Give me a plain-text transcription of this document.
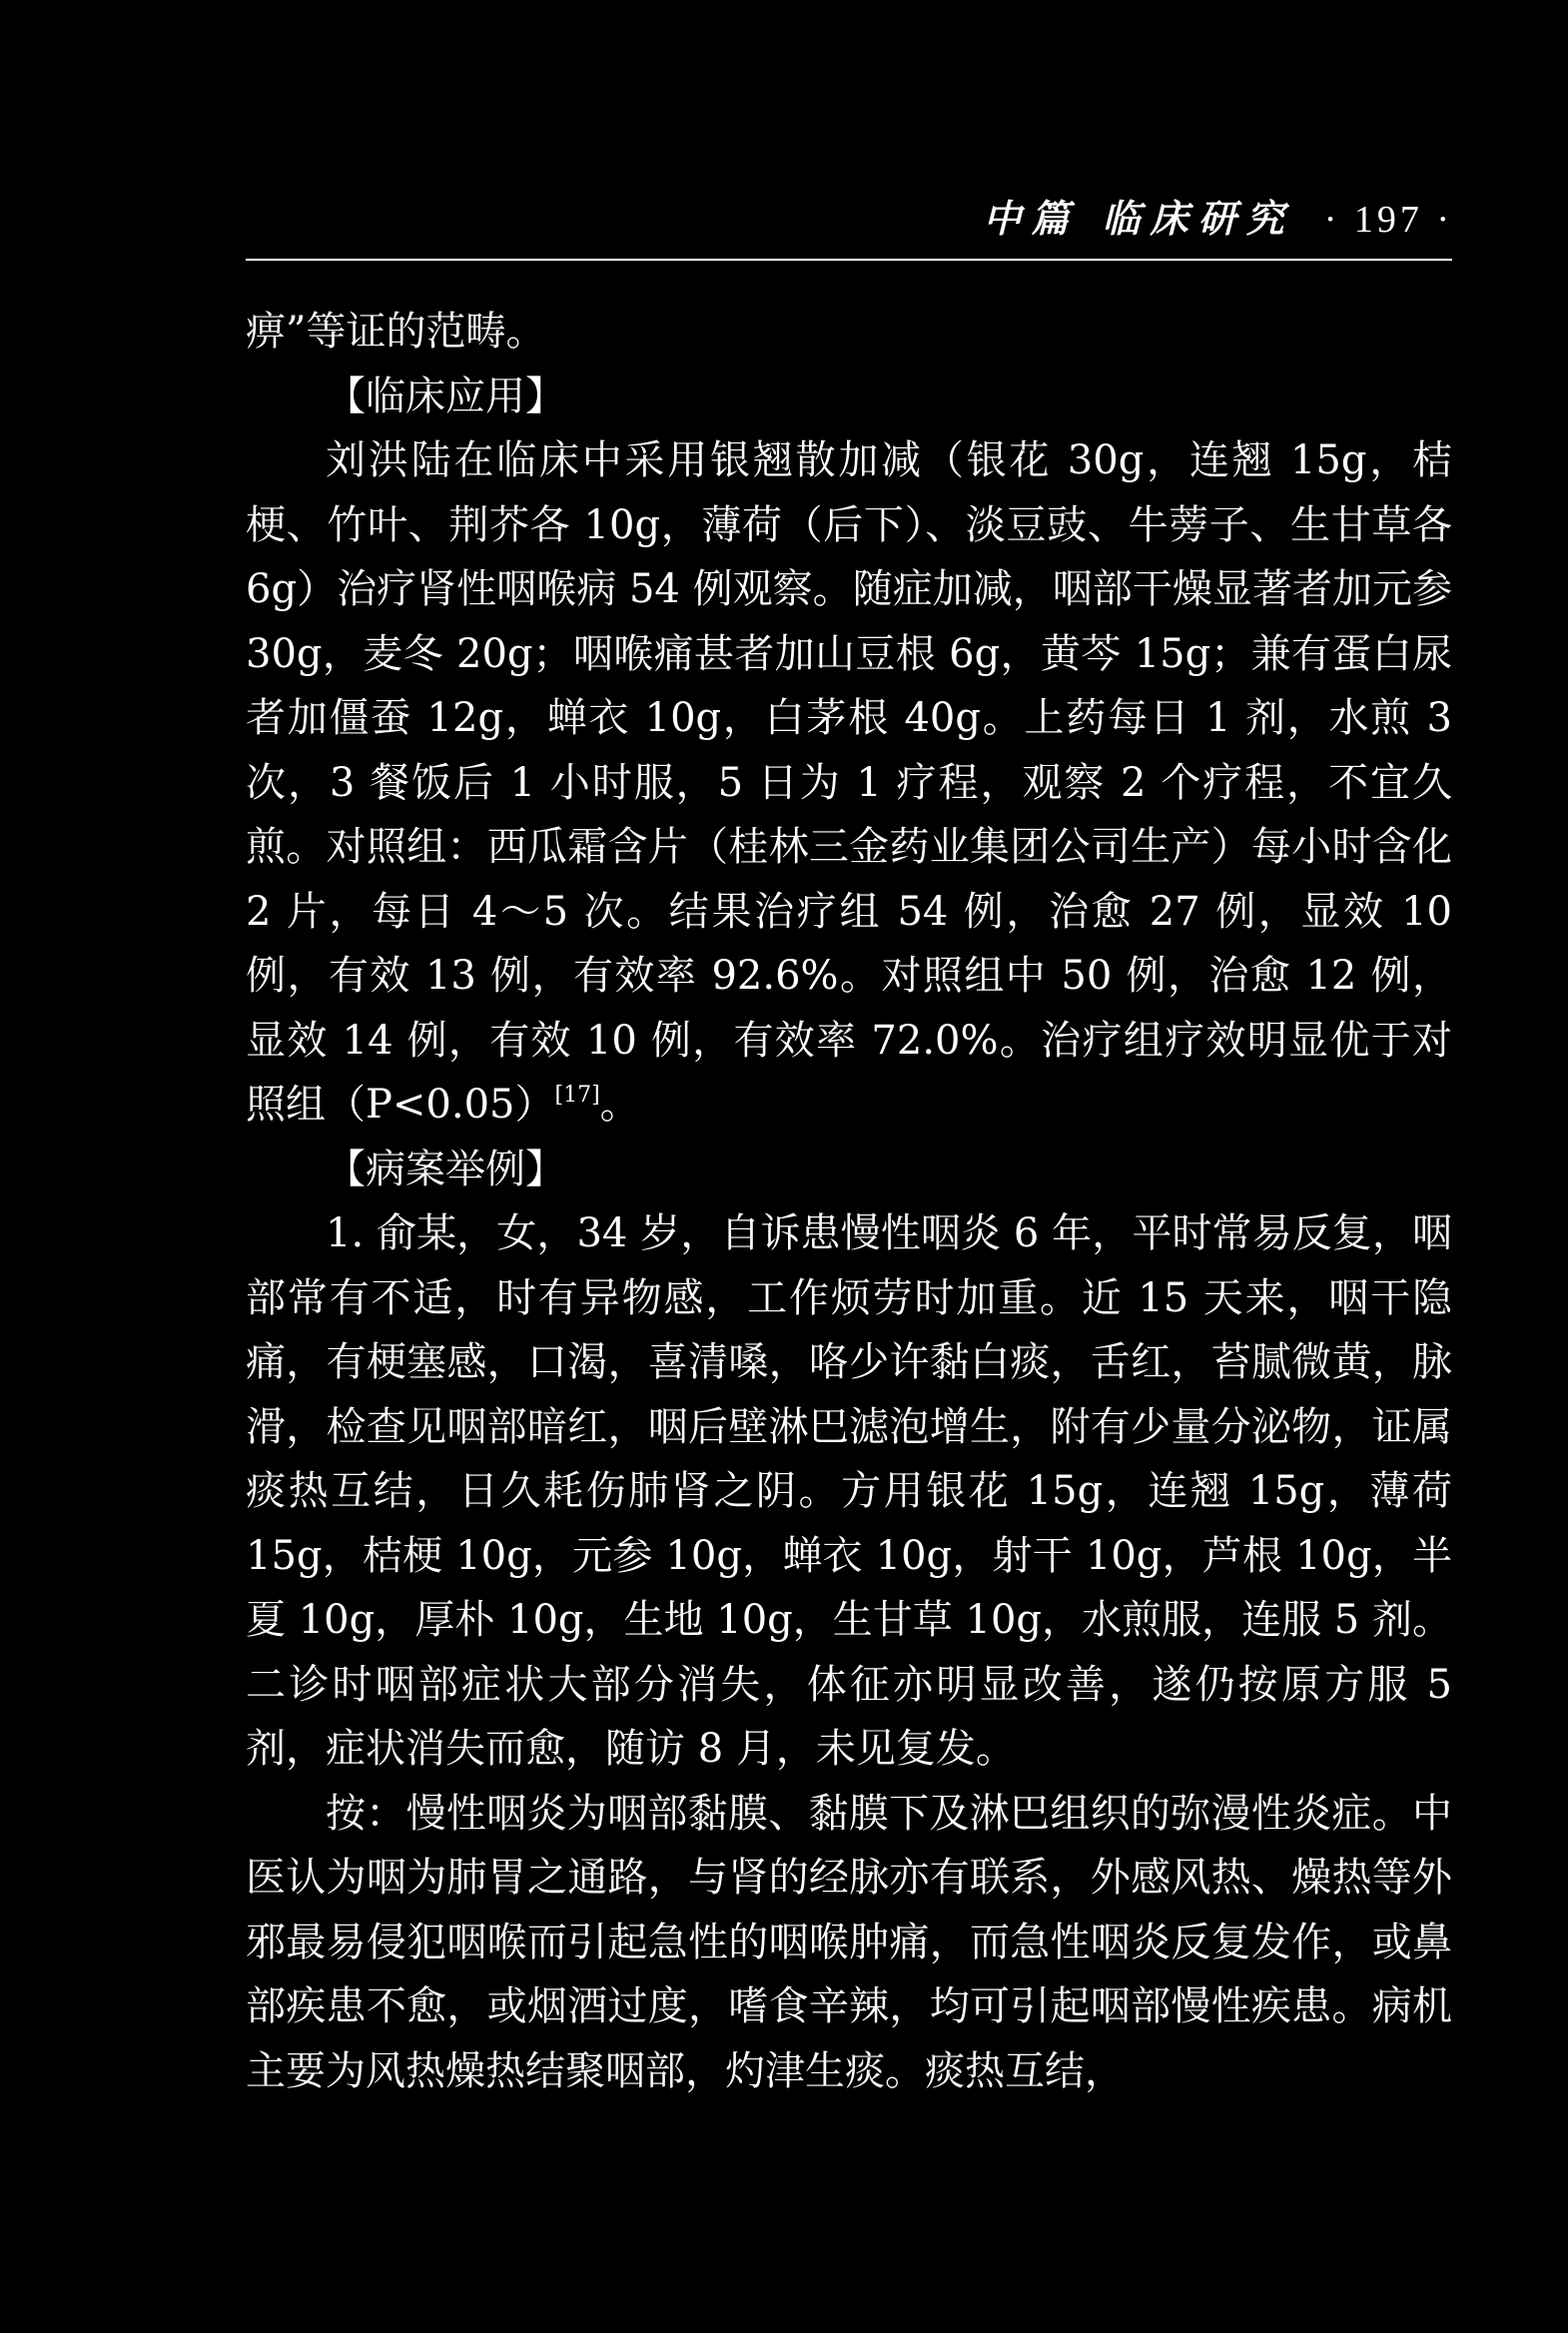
中篇 临床研究 · 197 ·

痹”等证的范畴。

【临床应用】

刘洪陆在临床中采用银翘散加减（银花 30g，连翘 15g，桔梗、竹叶、荆芥各 10g，薄荷（后下）、淡豆豉、牛蒡子、生甘草各 6g）治疗肾性咽喉病 54 例观察。随症加减，咽部干燥显著者加元参 30g，麦冬 20g；咽喉痛甚者加山豆根 6g，黄芩 15g；兼有蛋白尿者加僵蚕 12g，蝉衣 10g，白茅根 40g。上药每日 1 剂，水煎 3 次，3 餐饭后 1 小时服，5 日为 1 疗程，观察 2 个疗程，不宜久煎。对照组：西瓜霜含片（桂林三金药业集团公司生产）每小时含化 2 片，每日 4～5 次。结果治疗组 54 例，治愈 27 例，显效 10 例，有效 13 例，有效率 92.6%。对照组中 50 例，治愈 12 例，显效 14 例，有效 10 例，有效率 72.0%。治疗组疗效明显优于对照组（P<0.05）[17]。

【病案举例】

1. 俞某，女，34 岁，自诉患慢性咽炎 6 年，平时常易反复，咽部常有不适，时有异物感，工作烦劳时加重。近 15 天来，咽干隐痛，有梗塞感，口渴，喜清嗓，咯少许黏白痰，舌红，苔腻微黄，脉滑，检查见咽部暗红，咽后壁淋巴滤泡增生，附有少量分泌物，证属痰热互结，日久耗伤肺肾之阴。方用银花 15g，连翘 15g，薄荷 15g，桔梗 10g，元参 10g，蝉衣 10g，射干 10g，芦根 10g，半夏 10g，厚朴 10g，生地 10g，生甘草 10g，水煎服，连服 5 剂。二诊时咽部症状大部分消失，体征亦明显改善，遂仍按原方服 5 剂，症状消失而愈，随访 8 月，未见复发。

按：慢性咽炎为咽部黏膜、黏膜下及淋巴组织的弥漫性炎症。中医认为咽为肺胃之通路，与肾的经脉亦有联系，外感风热、燥热等外邪最易侵犯咽喉而引起急性的咽喉肿痛，而急性咽炎反复发作，或鼻部疾患不愈，或烟酒过度，嗜食辛辣，均可引起咽部慢性疾患。病机主要为风热燥热结聚咽部，灼津生痰。痰热互结，
